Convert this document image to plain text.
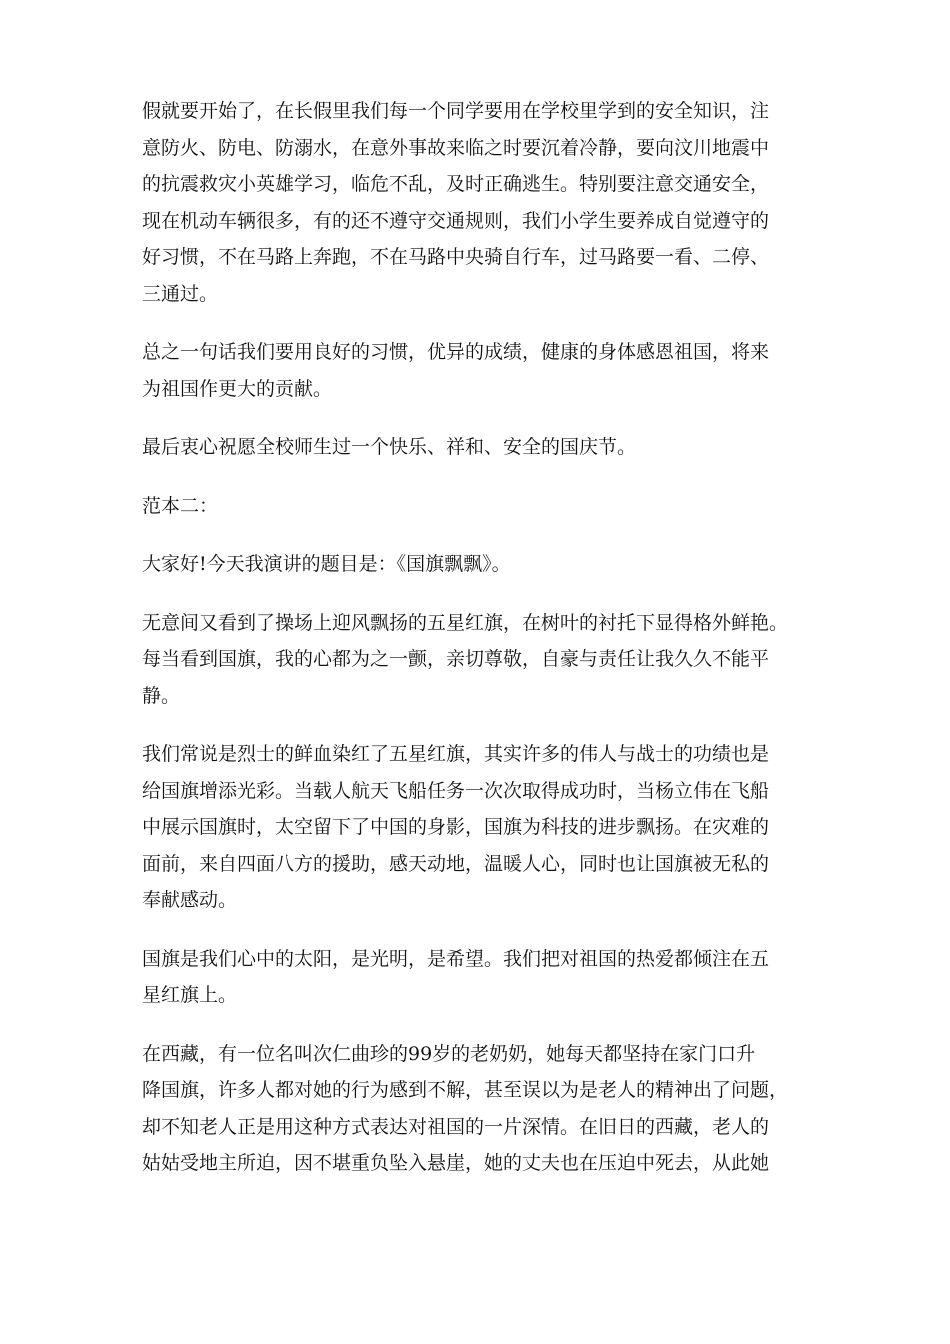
假就要开始了，在长假里我们每一个同学要用在学校里学到的安全知识，注
意防火、防电、防溺水，在意外事故来临之时要沉着冷静，要向汶川地震中
的抗震救灾小英雄学习，临危不乱，及时正确逃生。特别要注意交通安全，
现在机动车辆很多，有的还不遵守交通规则，我们小学生要养成自觉遵守的
好习惯，不在马路上奔跑，不在马路中央骑自行车，过马路要一看、二停、
三通过。

总之一句话我们要用良好的习惯，优异的成绩，健康的身体感恩祖国，将来
为祖国作更大的贡献。

最后衷心祝愿全校师生过一个快乐、祥和、安全的国庆节。

范本二：

大家好!今天我演讲的题目是：《国旗飘飘》。

无意间又看到了操场上迎风飘扬的五星红旗，在树叶的衬托下显得格外鲜艳。
每当看到国旗，我的心都为之一颤，亲切尊敬，自豪与责任让我久久不能平
静。

我们常说是烈士的鲜血染红了五星红旗，其实许多的伟人与战士的功绩也是
给国旗增添光彩。当载人航天飞船任务一次次取得成功时，当杨立伟在飞船
中展示国旗时，太空留下了中国的身影，国旗为科技的进步飘扬。在灾难的
面前，来自四面八方的援助，感天动地，温暖人心，同时也让国旗被无私的
奉献感动。

国旗是我们心中的太阳，是光明，是希望。我们把对祖国的热爱都倾注在五
星红旗上。

在西藏，有一位名叫次仁曲珍的99岁的老奶奶，她每天都坚持在家门口升
降国旗，许多人都对她的行为感到不解，甚至误以为是老人的精神出了问题，
却不知老人正是用这种方式表达对祖国的一片深情。在旧日的西藏，老人的
姑姑受地主所迫，因不堪重负坠入悬崖，她的丈夫也在压迫中死去，从此她
